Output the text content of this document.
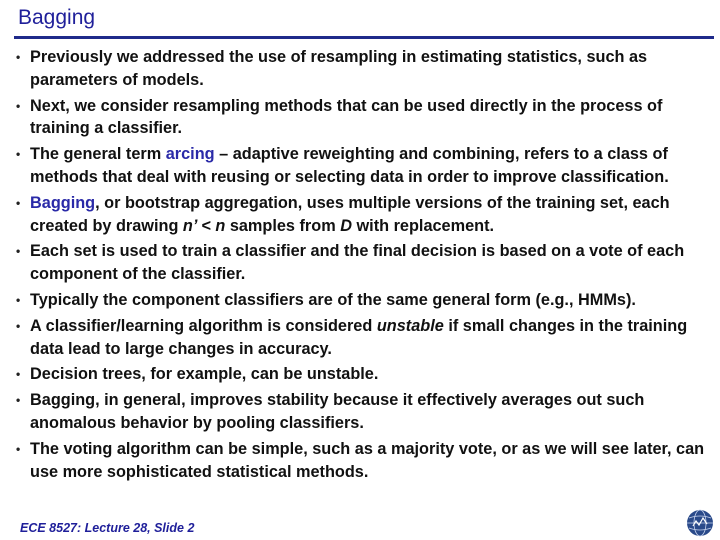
Bagging
• Previously we addressed the use of resampling in estimating statistics, such as parameters of models.
• Next, we consider resampling methods that can be used directly in the process of training a classifier.
• The general term arcing – adaptive reweighting and combining, refers to a class of methods that deal with reusing or selecting data in order to improve classification.
• Bagging, or bootstrap aggregation, uses multiple versions of the training set, each created by drawing n’ < n samples from D with replacement.
• Each set is used to train a classifier and the final decision is based on a vote of each component of the classifier.
• Typically the component classifiers are of the same general form (e.g., HMMs).
• A classifier/learning algorithm is considered unstable if small changes in the training data lead to large changes in accuracy.
• Decision trees, for example, can be unstable.
• Bagging, in general, improves stability because it effectively averages out such anomalous behavior by pooling classifiers.
• The voting algorithm can be simple, such as a majority vote, or as we will see later, can use more sophisticated statistical methods.
ECE 8527: Lecture 28, Slide 2
